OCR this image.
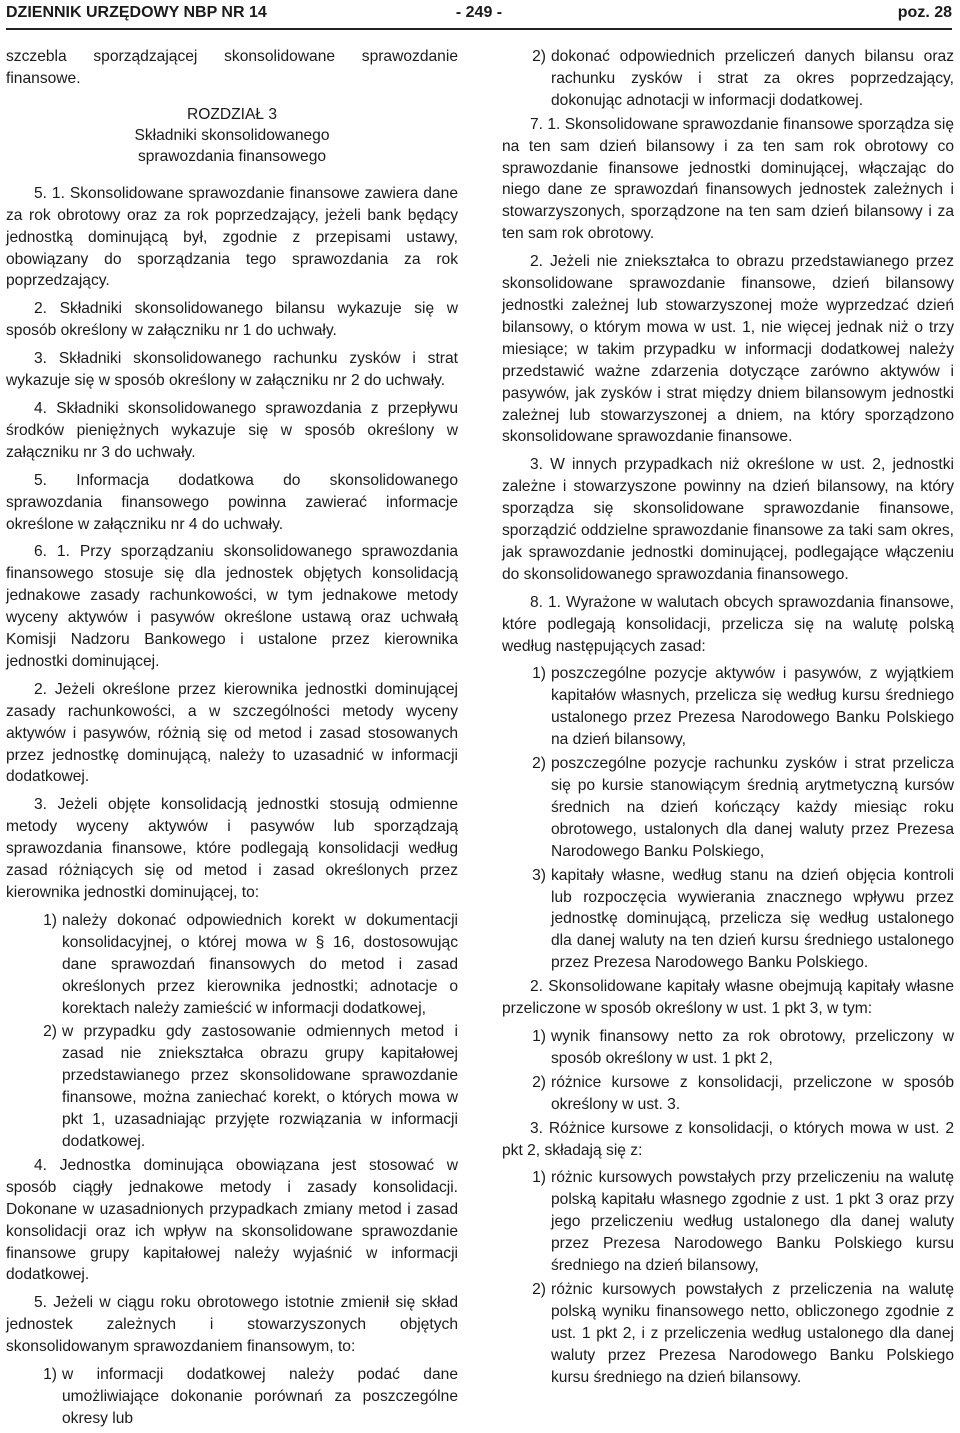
DZIENNIK URZĘDOWY NBP NR 14	- 249 -	poz. 28

szczebla sporządzającej skonsolidowane sprawozdanie finansowe.

ROZDZIAŁ 3
Składniki skonsolidowanego
sprawozdania finansowego

5. 1. Skonsolidowane sprawozdanie finansowe zawiera dane za rok obrotowy oraz za rok poprzedzający, jeżeli bank będący jednostką dominującą był, zgodnie z przepisami ustawy, obowiązany do sporządzania tego sprawozdania za rok poprzedzający.

2. Składniki skonsolidowanego bilansu wykazuje się w sposób określony w załączniku nr 1 do uchwały.

3. Składniki skonsolidowanego rachunku zysków i strat wykazuje się w sposób określony w załączniku nr 2 do uchwały.

4. Składniki skonsolidowanego sprawozdania z przepływu środków pieniężnych wykazuje się w sposób określony w załączniku nr 3 do uchwały.

5. Informacja dodatkowa do skonsolidowanego sprawozdania finansowego powinna zawierać informacje określone w załączniku nr 4 do uchwały.

6. 1. Przy sporządzaniu skonsolidowanego sprawozdania finansowego stosuje się dla jednostek objętych konsolidacją jednakowe zasady rachunkowości, w tym jednakowe metody wyceny aktywów i pasywów określone ustawą oraz uchwałą Komisji Nadzoru Bankowego i ustalone przez kierownika jednostki dominującej.

2. Jeżeli określone przez kierownika jednostki dominującej zasady rachunkowości, a w szczególności metody wyceny aktywów i pasywów, różnią się od metod i zasad stosowanych przez jednostkę dominującą, należy to uzasadnić w informacji dodatkowej.

3. Jeżeli objęte konsolidacją jednostki stosują odmienne metody wyceny aktywów i pasywów lub sporządzają sprawozdania finansowe, które podlegają konsolidacji według zasad różniących się od metod i zasad określonych przez kierownika jednostki dominującej, to:

1) należy dokonać odpowiednich korekt w dokumentacji konsolidacyjnej, o której mowa w § 16, dostosowując dane sprawozdań finansowych do metod i zasad określonych przez kierownika jednostki; adnotacje o korektach należy zamieścić w informacji dodatkowej,
2) w przypadku gdy zastosowanie odmiennych metod i zasad nie zniekształca obrazu grupy kapitałowej przedstawianego przez skonsolidowane sprawozdanie finansowe, można zaniechać korekt, o których mowa w pkt 1, uzasadniając przyjęte rozwiązania w informacji dodatkowej.

4. Jednostka dominująca obowiązana jest stosować w sposób ciągły jednakowe metody i zasady konsolidacji. Dokonane w uzasadnionych przypadkach zmiany metod i zasad konsolidacji oraz ich wpływ na skonsolidowane sprawozdanie finansowe grupy kapitałowej należy wyjaśnić w informacji dodatkowej.

5. Jeżeli w ciągu roku obrotowego istotnie zmienił się skład jednostek zależnych i stowarzyszonych objętych skonsolidowanym sprawozdaniem finansowym, to:

1) w informacji dodatkowej należy podać dane umożliwiające dokonanie porównań za poszczególne okresy lub
2) dokonać odpowiednich przeliczeń danych bilansu oraz rachunku zysków i strat za okres poprzedzający, dokonując adnotacji w informacji dodatkowej.

7. 1. Skonsolidowane sprawozdanie finansowe sporządza się na ten sam dzień bilansowy i za ten sam rok obrotowy co sprawozdanie finansowe jednostki dominującej, włączając do niego dane ze sprawozdań finansowych jednostek zależnych i stowarzyszonych, sporządzone na ten sam dzień bilansowy i za ten sam rok obrotowy.

2. Jeżeli nie zniekształca to obrazu przedstawianego przez skonsolidowane sprawozdanie finansowe, dzień bilansowy jednostki zależnej lub stowarzyszonej może wyprzedzać dzień bilansowy, o którym mowa w ust. 1, nie więcej jednak niż o trzy miesiące; w takim przypadku w informacji dodatkowej należy przedstawić ważne zdarzenia dotyczące zarówno aktywów i pasywów, jak zysków i strat między dniem bilansowym jednostki zależnej lub stowarzyszonej a dniem, na który sporządzono skonsolidowane sprawozdanie finansowe.

3. W innych przypadkach niż określone w ust. 2, jednostki zależne i stowarzyszone powinny na dzień bilansowy, na który sporządza się skonsolidowane sprawozdanie finansowe, sporządzić oddzielne sprawozdanie finansowe za taki sam okres, jak sprawozdanie jednostki dominującej, podlegające włączeniu do skonsolidowanego sprawozdania finansowego.

8. 1. Wyrażone w walutach obcych sprawozdania finansowe, które podlegają konsolidacji, przelicza się na walutę polską według następujących zasad:

1) poszczególne pozycje aktywów i pasywów, z wyjątkiem kapitałów własnych, przelicza się według kursu średniego ustalonego przez Prezesa Narodowego Banku Polskiego na dzień bilansowy,
2) poszczególne pozycje rachunku zysków i strat przelicza się po kursie stanowiącym średnią arytmetyczną kursów średnich na dzień kończący każdy miesiąc roku obrotowego, ustalonych dla danej waluty przez Prezesa Narodowego Banku Polskiego,
3) kapitały własne, według stanu na dzień objęcia kontroli lub rozpoczęcia wywierania znacznego wpływu przez jednostkę dominującą, przelicza się według ustalonego dla danej waluty na ten dzień kursu średniego ustalonego przez Prezesa Narodowego Banku Polskiego.

2. Skonsolidowane kapitały własne obejmują kapitały własne przeliczone w sposób określony w ust. 1 pkt 3, w tym:

1) wynik finansowy netto za rok obrotowy, przeliczony w sposób określony w ust. 1 pkt 2,
2) różnice kursowe z konsolidacji, przeliczone w sposób określony w ust. 3.

3. Różnice kursowe z konsolidacji, o których mowa w ust. 2 pkt 2, składają się z:

1) różnic kursowych powstałych przy przeliczeniu na walutę polską kapitału własnego zgodnie z ust. 1 pkt 3 oraz przy jego przeliczeniu według ustalonego dla danej waluty przez Prezesa Narodowego Banku Polskiego kursu średniego na dzień bilansowy,
2) różnic kursowych powstałych z przeliczenia na walutę polską wyniku finansowego netto, obliczonego zgodnie z ust. 1 pkt 2, i z przeliczenia według ustalonego dla danej waluty przez Prezesa Narodowego Banku Polskiego kursu średniego na dzień bilansowy.
